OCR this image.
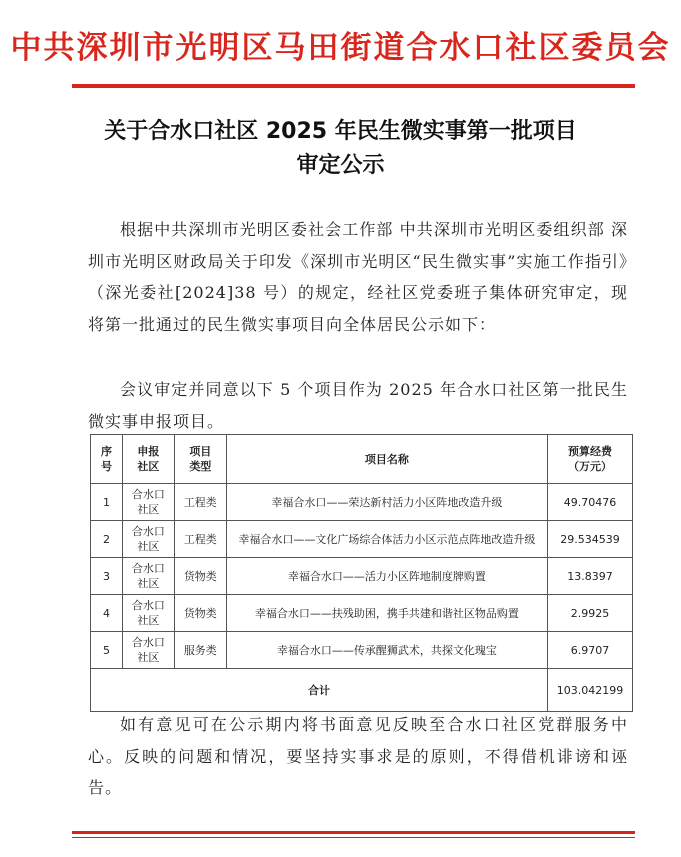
中共深圳市光明区马田街道合水口社区委员会
关于合水口社区 2025 年民生微实事第一批项目
审定公示
根据中共深圳市光明区委社会工作部 中共深圳市光明区委组织部 深圳市光明区财政局关于印发《深圳市光明区“民生微实事”实施工作指引》（深光委社[2024]38 号）的规定，经社区党委班子集体研究审定，现将第一批通过的民生微实事项目向全体居民公示如下：
会议审定并同意以下 5 个项目作为 2025 年合水口社区第一批民生微实事申报项目。
序
号	申报
社区	项目
类型	项目名称	预算经费
（万元）
1	合水口
社区	工程类	幸福合水口——荣达新村活力小区阵地改造升级	49.70476
2	合水口
社区	工程类	幸福合水口——文化广场综合体活力小区示范点阵地改造升级	29.534539
3	合水口
社区	货物类	幸福合水口——活力小区阵地制度牌购置	13.8397
4	合水口
社区	货物类	幸福合水口——扶残助困，携手共建和谐社区物品购置	2.9925
5	合水口
社区	服务类	幸福合水口——传承醒狮武术，共探文化瑰宝	6.9707
合计				103.042199
如有意见可在公示期内将书面意见反映至合水口社区党群服务中心。反映的问题和情况，要坚持实事求是的原则，不得借机诽谤和诬告。
